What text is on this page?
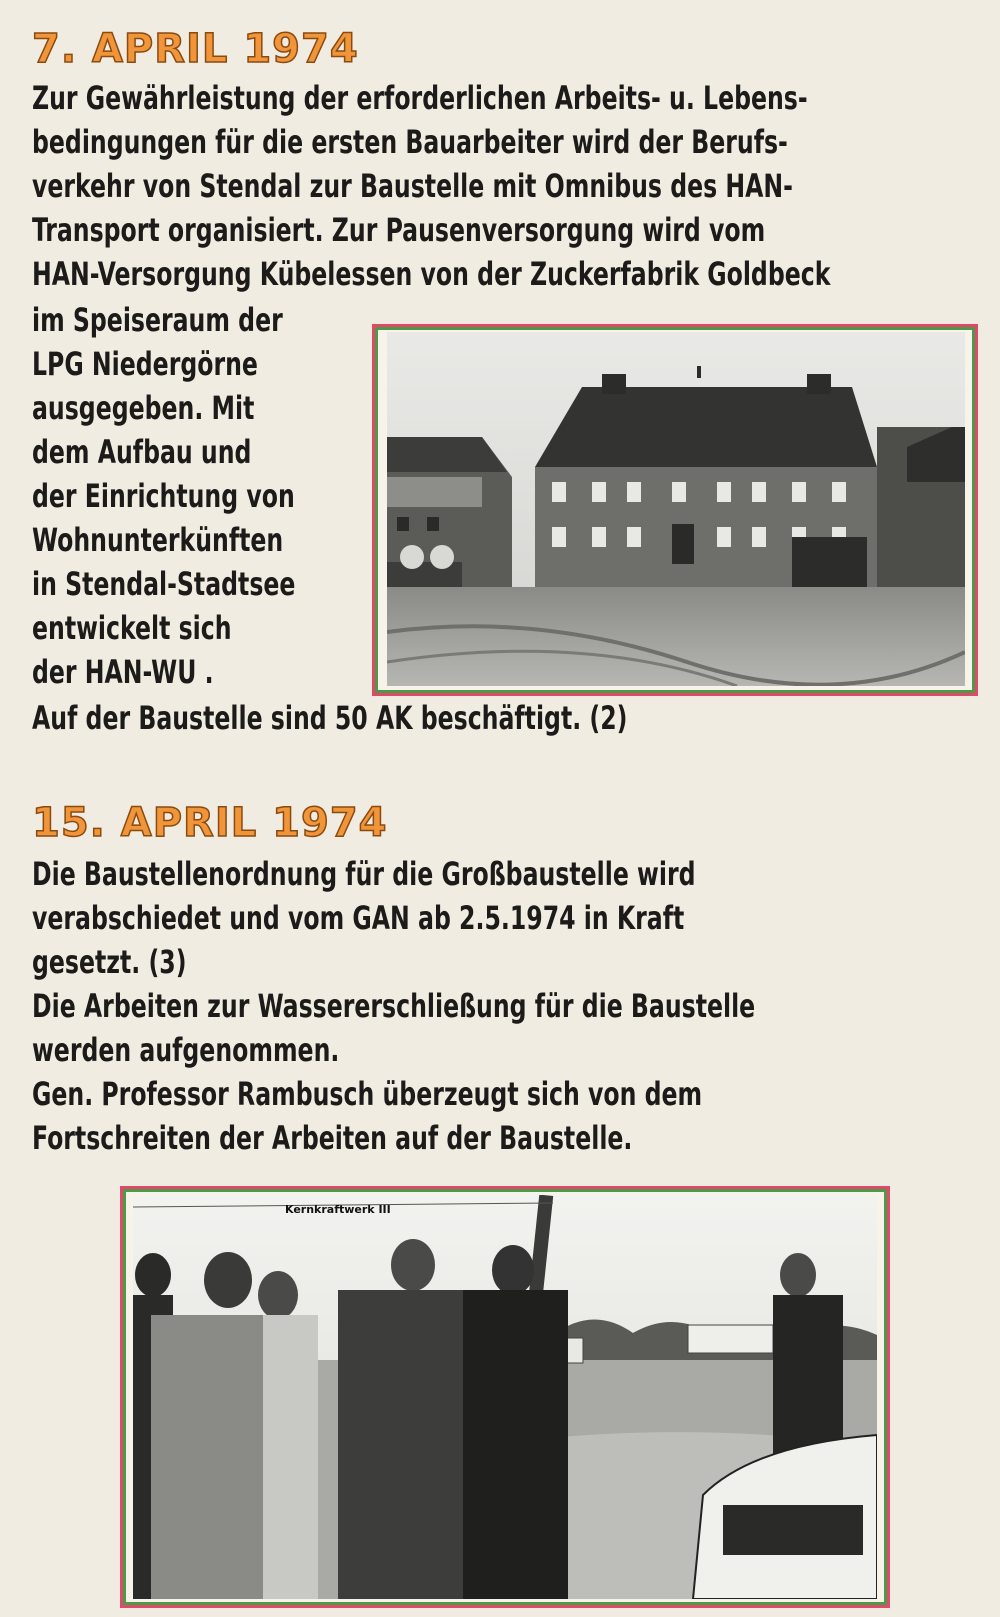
7. APRIL 1974
Zur Gewährleistung der erforderlichen Arbeits- u. Lebens-
bedingungen für die ersten Bauarbeiter wird der Berufs-
verkehr von Stendal zur Baustelle mit Omnibus des HAN-
Transport organisiert. Zur Pausenversorgung wird vom
HAN-Versorgung Kübelessen von der Zuckerfabrik Goldbeck
im Speiseraum der
LPG Niedergörne
ausgegeben. Mit
dem Aufbau und
der Einrichtung von
Wohnunterkünften
in Stendal-Stadtsee
entwickelt sich
der HAN-WU .
Auf der Baustelle sind 50 AK beschäftigt. (2)
15. APRIL 1974
Die Baustellenordnung für die Großbaustelle wird
verabschiedet und vom GAN ab 2.5.1974 in Kraft
gesetzt. (3)
Die Arbeiten zur Wassererschließung für die Baustelle
werden aufgenommen.
Gen. Professor Rambusch überzeugt sich von dem
Fortschreiten der Arbeiten auf der Baustelle.
Kernkraftwerk III
